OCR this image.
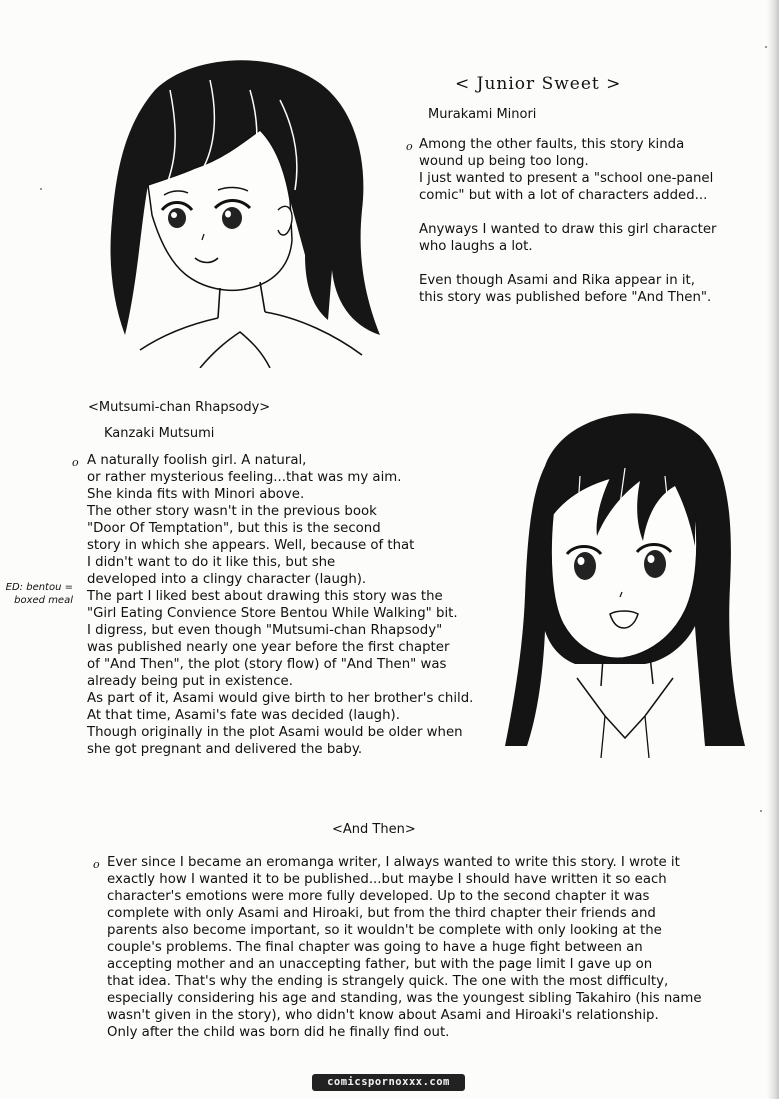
< Junior Sweet >
Murakami Minori
o Among the other faults, this story kinda
wound up being too long.
I just wanted to present a "school one-panel
comic" but with a lot of characters added...
Anyways I wanted to draw this girl character
who laughs a lot.
Even though Asami and Rika appear in it,
this story was published before "And Then".
<Mutsumi-chan Rhapsody>
Kanzaki Mutsumi
o A naturally foolish girl. A natural,
or rather mysterious feeling...that was my aim.
She kinda fits with Minori above.
The other story wasn't in the previous book
"Door Of Temptation", but this is the second
story in which she appears. Well, because of that
I didn't want to do it like this, but she
developed into a clingy character (laugh).
The part I liked best about drawing this story was the
"Girl Eating Convience Store Bentou While Walking" bit.
I digress, but even though "Mutsumi-chan Rhapsody"
was published nearly one year before the first chapter
of "And Then", the plot (story flow) of "And Then" was
already being put in existence.
As part of it, Asami would give birth to her brother's child.
At that time, Asami's fate was decided (laugh).
Though originally in the plot Asami would be older when
she got pregnant and delivered the baby.
ED: bentou =
boxed meal
<And Then>
o Ever since I became an eromanga writer, I always wanted to write this story. I wrote it
exactly how I wanted it to be published...but maybe I should have written it so each
character's emotions were more fully developed. Up to the second chapter it was
complete with only Asami and Hiroaki, but from the third chapter their friends and
parents also become important, so it wouldn't be complete with only looking at the
couple's problems. The final chapter was going to have a huge fight between an
accepting mother and an unaccepting father, but with the page limit I gave up on
that idea. That's why the ending is strangely quick. The one with the most difficulty,
especially considering his age and standing, was the youngest sibling Takahiro (his name
wasn't given in the story), who didn't know about Asami and Hiroaki's relationship.
Only after the child was born did he finally find out.
comicspornoxxx.com
